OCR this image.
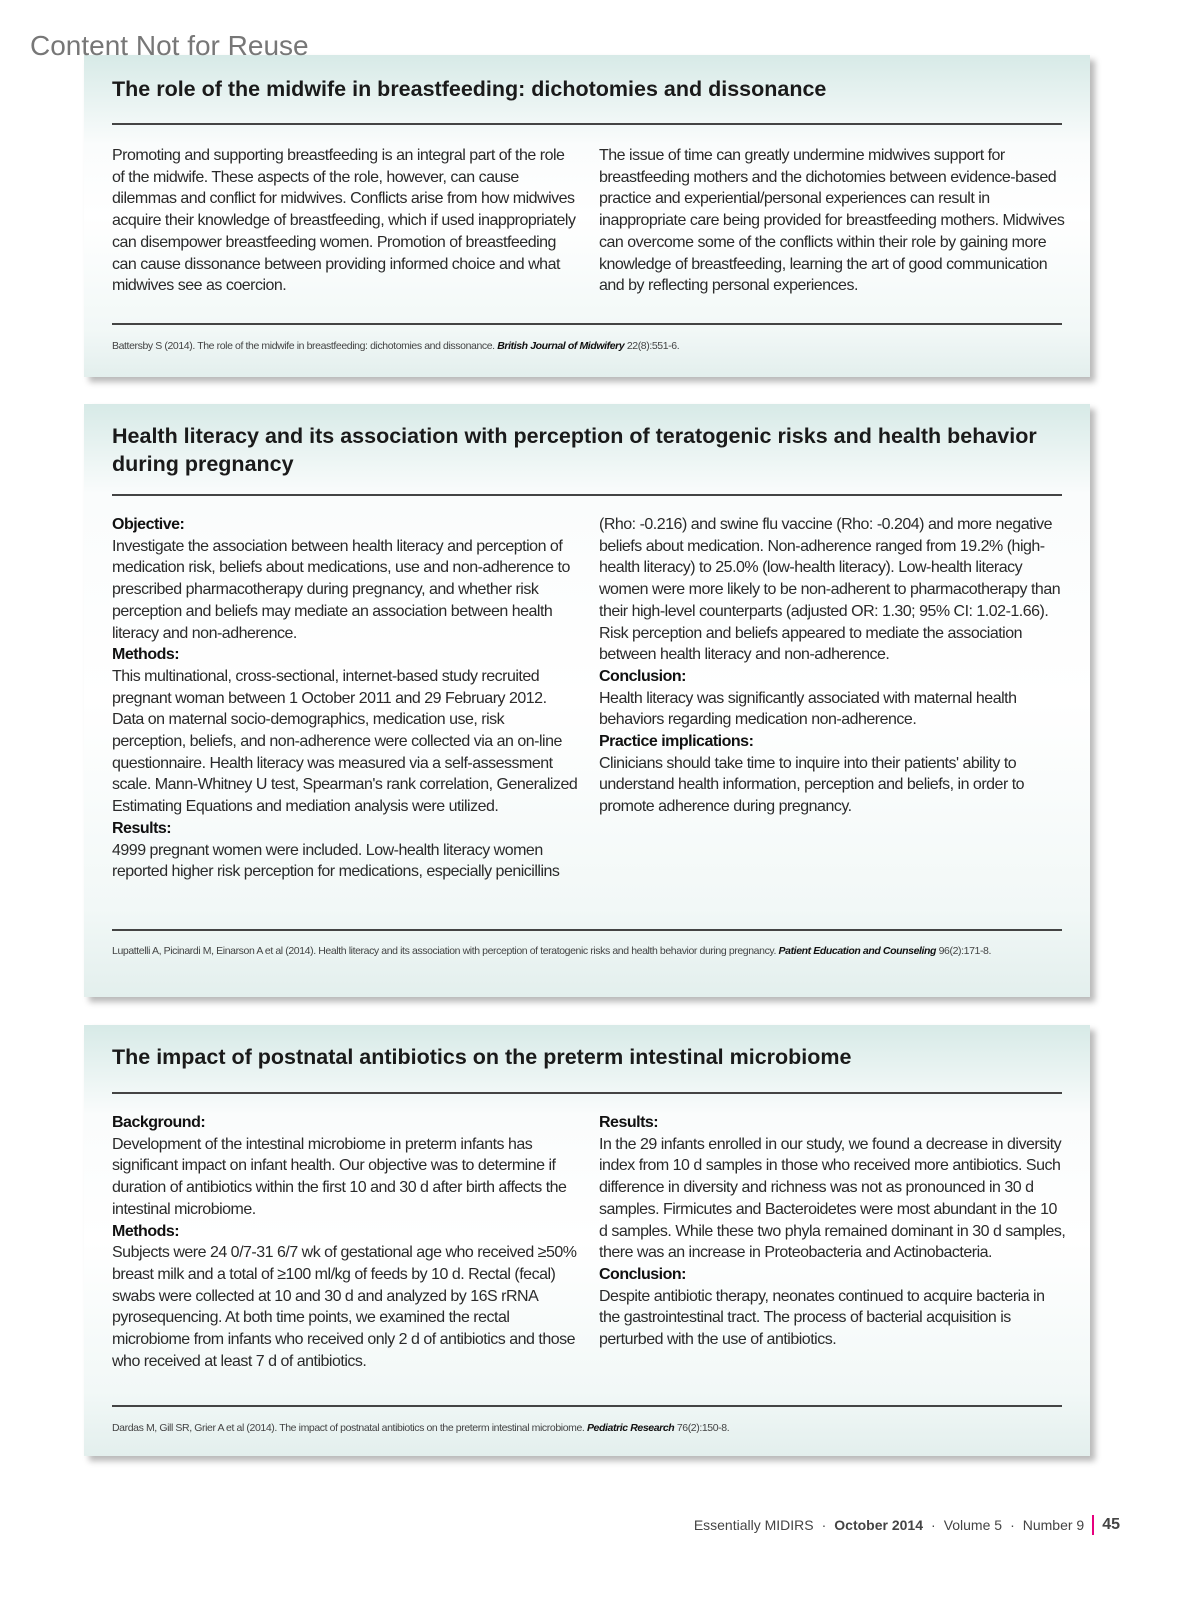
Content Not for Reuse
The role of the midwife in breastfeeding: dichotomies and dissonance

Promoting and supporting breastfeeding is an integral part of the role of the midwife. These aspects of the role, however, can cause dilemmas and conflict for midwives. Conflicts arise from how midwives acquire their knowledge of breastfeeding, which if used inappropriately can disempower breastfeeding women. Promotion of breastfeeding can cause dissonance between providing informed choice and what midwives see as coercion.

The issue of time can greatly undermine midwives support for breastfeeding mothers and the dichotomies between evidence-based practice and experiential/personal experiences can result in inappropriate care being provided for breastfeeding mothers. Midwives can overcome some of the conflicts within their role by gaining more knowledge of breastfeeding, learning the art of good communication and by reflecting personal experiences.

Battersby S (2014). The role of the midwife in breastfeeding: dichotomies and dissonance. British Journal of Midwifery 22(8):551-6.
Health literacy and its association with perception of teratogenic risks and health behavior during pregnancy

Objective:

Investigate the association between health literacy and perception of medication risk, beliefs about medications, use and non-adherence to prescribed pharmacotherapy during pregnancy, and whether risk perception and beliefs may mediate an association between health literacy and non-adherence.

Methods:

This multinational, cross-sectional, internet-based study recruited pregnant woman between 1 October 2011 and 29 February 2012. Data on maternal socio-demographics, medication use, risk perception, beliefs, and non-adherence were collected via an on-line questionnaire. Health literacy was measured via a self-assessment scale. Mann-Whitney U test, Spearman's rank correlation, Generalized Estimating Equations and mediation analysis were utilized.

Results:

4999 pregnant women were included. Low-health literacy women reported higher risk perception for medications, especially penicillins

(Rho: -0.216) and swine flu vaccine (Rho: -0.204) and more negative beliefs about medication. Non-adherence ranged from 19.2% (high-health literacy) to 25.0% (low-health literacy). Low-health literacy women were more likely to be non-adherent to pharmacotherapy than their high-level counterparts (adjusted OR: 1.30; 95% CI: 1.02-1.66). Risk perception and beliefs appeared to mediate the association between health literacy and non-adherence.

Conclusion:

Health literacy was significantly associated with maternal health behaviors regarding medication non-adherence.

Practice implications:

Clinicians should take time to inquire into their patients' ability to understand health information, perception and beliefs, in order to promote adherence during pregnancy.

Lupattelli A, Picinardi M, Einarson A et al (2014). Health literacy and its association with perception of teratogenic risks and health behavior during pregnancy. Patient Education and Counseling 96(2):171-8.
The impact of postnatal antibiotics on the preterm intestinal microbiome

Background:

Development of the intestinal microbiome in preterm infants has significant impact on infant health. Our objective was to determine if duration of antibiotics within the first 10 and 30 d after birth affects the intestinal microbiome.

Methods:

Subjects were 24 0/7-31 6/7 wk of gestational age who received ≥50% breast milk and a total of ≥100 ml/kg of feeds by 10 d. Rectal (fecal) swabs were collected at 10 and 30 d and analyzed by 16S rRNA pyrosequencing. At both time points, we examined the rectal microbiome from infants who received only 2 d of antibiotics and those who received at least 7 d of antibiotics.

Results:

In the 29 infants enrolled in our study, we found a decrease in diversity index from 10 d samples in those who received more antibiotics. Such difference in diversity and richness was not as pronounced in 30 d samples. Firmicutes and Bacteroidetes were most abundant in the 10 d samples. While these two phyla remained dominant in 30 d samples, there was an increase in Proteobacteria and Actinobacteria.

Conclusion:

Despite antibiotic therapy, neonates continued to acquire bacteria in the gastrointestinal tract. The process of bacterial acquisition is perturbed with the use of antibiotics.

Dardas M, Gill SR, Grier A et al (2014). The impact of postnatal antibiotics on the preterm intestinal microbiome. Pediatric Research 76(2):150-8.
Essentially MIDIRS · October 2014 · Volume 5 · Number 9 45
